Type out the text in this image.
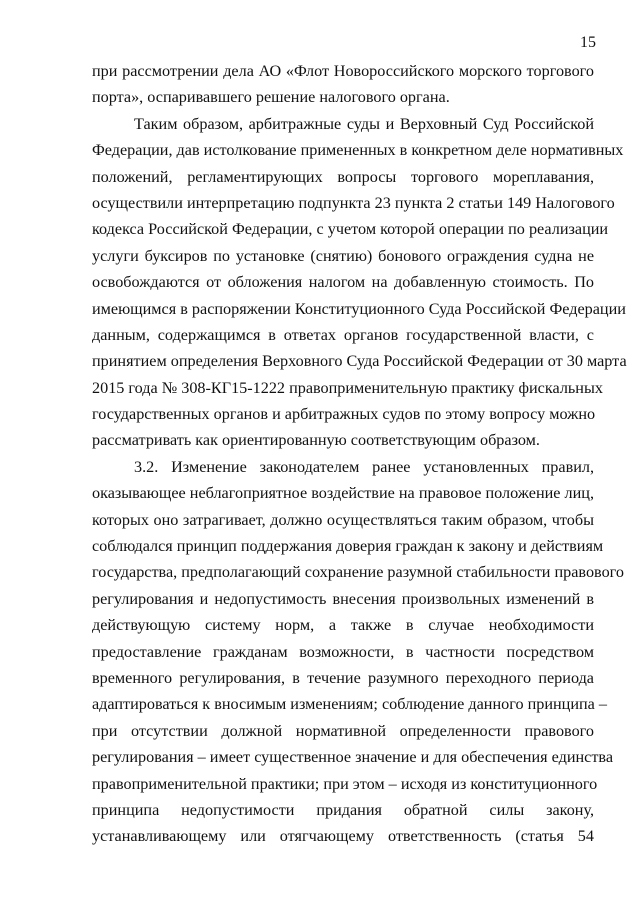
15
при рассмотрении дела АО «Флот Новороссийского морского торгового
порта», оспаривавшего решение налогового органа.
Таким образом, арбитражные суды и Верховный Суд Российской
Федерации, дав истолкование примененных в конкретном деле нормативных
положений, регламентирующих вопросы торгового мореплавания,
осуществили интерпретацию подпункта 23 пункта 2 статьи 149 Налогового
кодекса Российской Федерации, с учетом которой операции по реализации
услуги буксиров по установке (снятию) бонового ограждения судна не
освобождаются от обложения налогом на добавленную стоимость. По
имеющимся в распоряжении Конституционного Суда Российской Федерации
данным, содержащимся в ответах органов государственной власти, с
принятием определения Верховного Суда Российской Федерации от 30 марта
2015 года № 308-КГ15-1222 правоприменительную практику фискальных
государственных органов и арбитражных судов по этому вопросу можно
рассматривать как ориентированную соответствующим образом.
3.2. Изменение законодателем ранее установленных правил,
оказывающее неблагоприятное воздействие на правовое положение лиц,
которых оно затрагивает, должно осуществляться таким образом, чтобы
соблюдался принцип поддержания доверия граждан к закону и действиям
государства, предполагающий сохранение разумной стабильности правового
регулирования и недопустимость внесения произвольных изменений в
действующую систему норм, а также в случае необходимости
предоставление гражданам возможности, в частности посредством
временного регулирования, в течение разумного переходного периода
адаптироваться к вносимым изменениям; соблюдение данного принципа –
при отсутствии должной нормативной определенности правового
регулирования – имеет существенное значение и для обеспечения единства
правоприменительной практики; при этом – исходя из конституционного
принципа недопустимости придания обратной силы закону,
устанавливающему или отягчающему ответственность (статья 54
